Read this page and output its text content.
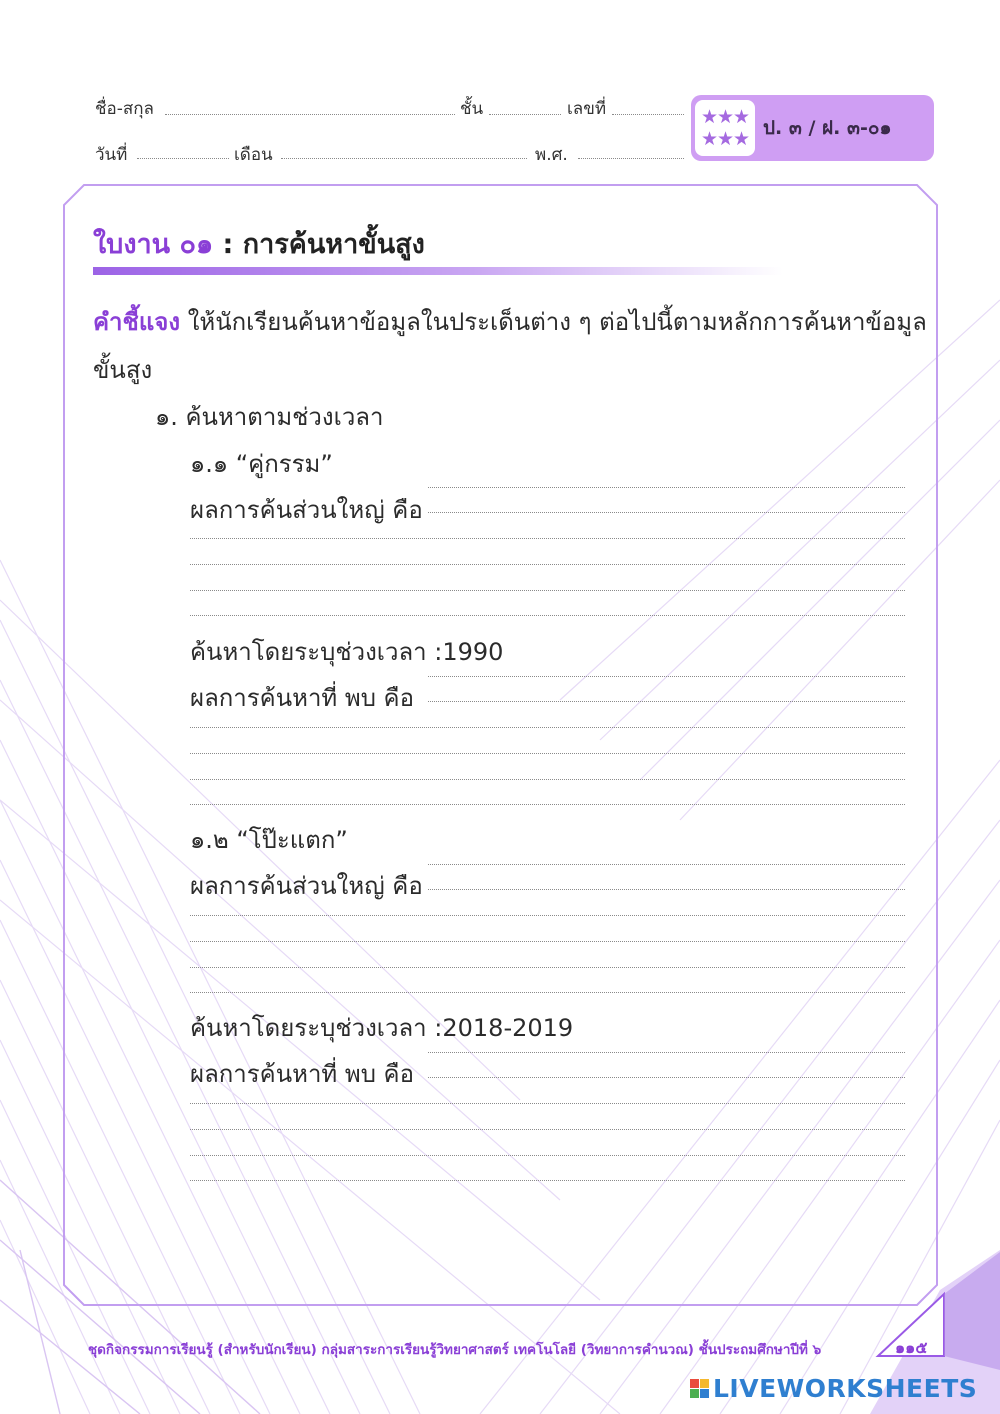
ชื่อ-สกุล	ชั้น	เลขที่
วันที่	เดือน	พ.ศ.
★★★
★★★ ป. ๓ / ฝ. ๓-๐๑
ใบงาน ๐๑ : การค้นหาขั้นสูง
คำชี้แจง ให้นักเรียนค้นหาข้อมูลในประเด็นต่าง ๆ ต่อไปนี้ตามหลักการค้นหาข้อมูล
ขั้นสูง
๑. ค้นหาตามช่วงเวลา
๑.๑ “คู่กรรม”
ผลการค้นส่วนใหญ่ คือ
ค้นหาโดยระบุช่วงเวลา :1990
ผลการค้นหาที่ พบ คือ
๑.๒ “โป๊ะแตก”
ผลการค้นส่วนใหญ่ คือ
ค้นหาโดยระบุช่วงเวลา :2018-2019
ผลการค้นหาที่ พบ คือ
ชุดกิจกรรมการเรียนรู้ (สำหรับนักเรียน) กลุ่มสาระการเรียนรู้วิทยาศาสตร์ เทคโนโลยี (วิทยาการคำนวณ) ชั้นประถมศึกษาปีที่ ๖	๑๑๕
LIVEWORKSHEETS
